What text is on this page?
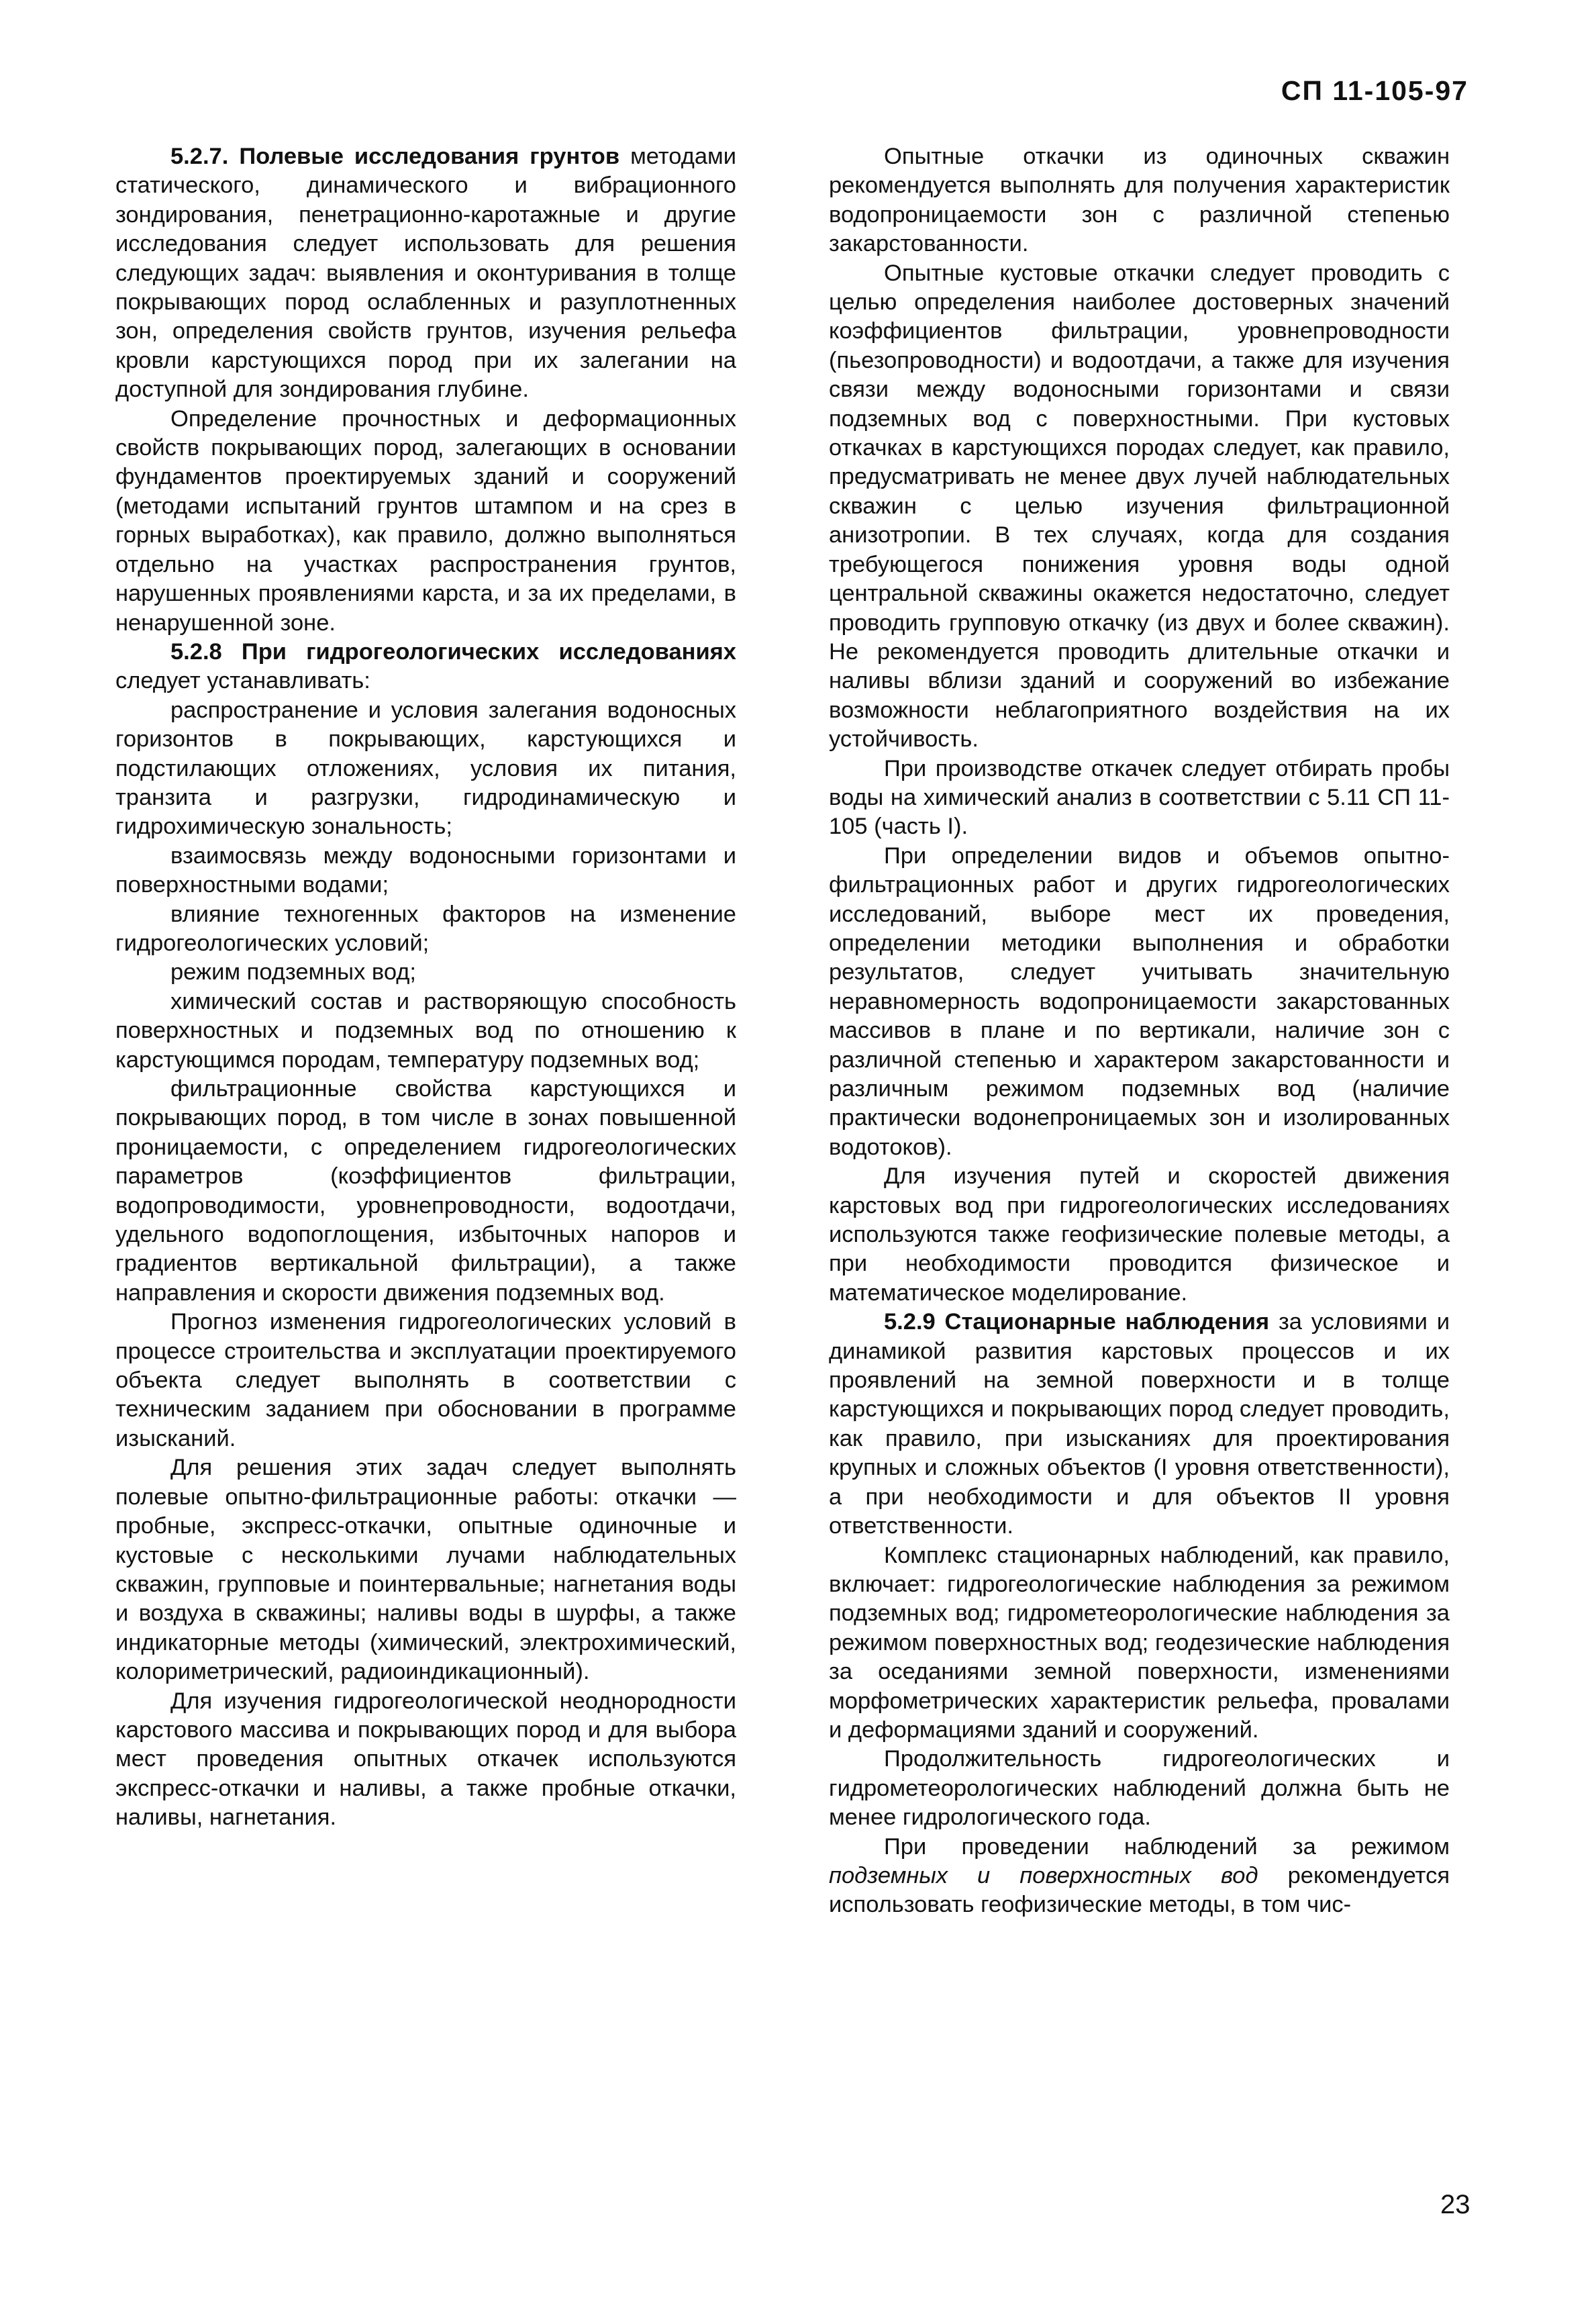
СП 11-105-97

5.2.7. Полевые исследования грунтов методами статического, динамического и вибрационного зондирования, пенетрационно-каротажные и другие исследования следует использовать для решения следующих задач: выявления и оконтуривания в толще покрывающих пород ослабленных и разуплотненных зон, определения свойств грунтов, изучения рельефа кровли карстующихся пород при их залегании на доступной для зондирования глубине.

Определение прочностных и деформационных свойств покрывающих пород, залегающих в основании фундаментов проектируемых зданий и сооружений (методами испытаний грунтов штампом и на срез в горных выработках), как правило, должно выполняться отдельно на участках распространения грунтов, нарушенных проявлениями карста, и за их пределами, в ненарушенной зоне.

5.2.8 При гидрогеологических исследованиях следует устанавливать:

распространение и условия залегания водоносных горизонтов в покрывающих, карстующихся и подстилающих отложениях, условия их питания, транзита и разгрузки, гидродинамическую и гидрохимическую зональность;

взаимосвязь между водоносными горизонтами и поверхностными водами;

влияние техногенных факторов на изменение гидрогеологических условий;

режим подземных вод;

химический состав и растворяющую способность поверхностных и подземных вод по отношению к карстующимся породам, температуру подземных вод;

фильтрационные свойства карстующихся и покрывающих пород, в том числе в зонах повышенной проницаемости, с определением гидрогеологических параметров (коэффициентов фильтрации, водопроводимости, уровнепроводности, водоотдачи, удельного водопоглощения, избыточных напоров и градиентов вертикальной фильтрации), а также направления и скорости движения подземных вод.

Прогноз изменения гидрогеологических условий в процессе строительства и эксплуатации проектируемого объекта следует выполнять в соответствии с техническим заданием при обосновании в программе изысканий.

Для решения этих задач следует выполнять полевые опытно-фильтрационные работы: откачки — пробные, экспресс-откачки, опытные одиночные и кустовые с несколькими лучами наблюдательных скважин, групповые и поинтервальные; нагнетания воды и воздуха в скважины; наливы воды в шурфы, а также индикаторные методы (химический, электрохимический, колориметрический, радиоиндикационный).

Для изучения гидрогеологической неоднородности карстового массива и покрывающих пород и для выбора мест проведения опытных откачек используются экспресс-откачки и наливы, а также пробные откачки, наливы, нагнетания.

Опытные откачки из одиночных скважин рекомендуется выполнять для получения характеристик водопроницаемости зон с различной степенью закарстованности.

Опытные кустовые откачки следует проводить с целью определения наиболее достоверных значений коэффициентов фильтрации, уровнепроводности (пьезопроводности) и водоотдачи, а также для изучения связи между водоносными горизонтами и связи подземных вод с поверхностными. При кустовых откачках в карстующихся породах следует, как правило, предусматривать не менее двух лучей наблюдательных скважин с целью изучения фильтрационной анизотропии. В тех случаях, когда для создания требующегося понижения уровня воды одной центральной скважины окажется недостаточно, следует проводить групповую откачку (из двух и более скважин). Не рекомендуется проводить длительные откачки и наливы вблизи зданий и сооружений во избежание возможности неблагоприятного воздействия на их устойчивость.

При производстве откачек следует отбирать пробы воды на химический анализ в соответствии с 5.11 СП 11-105 (часть I).

При определении видов и объемов опытно-фильтрационных работ и других гидрогеологических исследований, выборе мест их проведения, определении методики выполнения и обработки результатов, следует учитывать значительную неравномерность водопроницаемости закарстованных массивов в плане и по вертикали, наличие зон с различной степенью и характером закарстованности и различным режимом подземных вод (наличие практически водонепроницаемых зон и изолированных водотоков).

Для изучения путей и скоростей движения карстовых вод при гидрогеологических исследованиях используются также геофизические полевые методы, а при необходимости проводится физическое и математическое моделирование.

5.2.9 Стационарные наблюдения за условиями и динамикой развития карстовых процессов и их проявлений на земной поверхности и в толще карстующихся и покрывающих пород следует проводить, как правило, при изысканиях для проектирования крупных и сложных объектов (I уровня ответственности), а при необходимости и для объектов II уровня ответственности.

Комплекс стационарных наблюдений, как правило, включает: гидрогеологические наблюдения за режимом подземных вод; гидрометеорологические наблюдения за режимом поверхностных вод; геодезические наблюдения за оседаниями земной поверхности, изменениями морфометрических характеристик рельефа, провалами и деформациями зданий и сооружений.

Продолжительность гидрогеологических и гидрометеорологических наблюдений должна быть не менее гидрологического года.

При проведении наблюдений за режимом подземных и поверхностных вод рекомендуется использовать геофизические методы, в том чис-

23
